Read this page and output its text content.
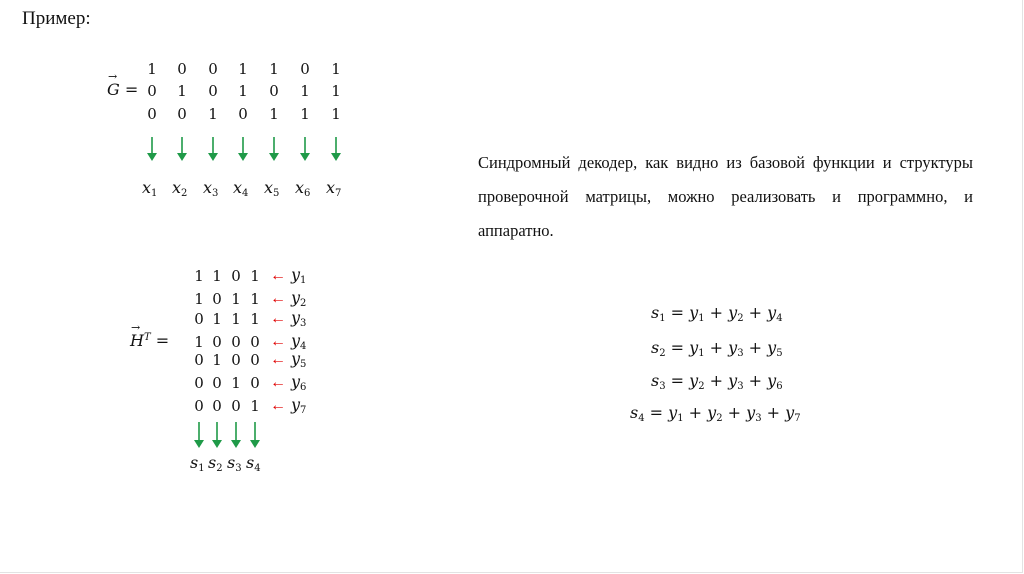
Пример:
→ G =
1 0 0 1 1 0 1
0 1 0 1 0 1 1
0 0 1 0 1 1 1
$x_1$ $x_2$ $x_3$ $x_4$ $x_5$ $x_6$ $x_7$
→ $H^T$ =
1 1 0 1 ← $y_1$
1 0 1 1 ← $y_2$
0 1 1 1 ← $y_3$
1 0 0 0 ← $y_4$
0 1 0 0 ← $y_5$
0 0 1 0 ← $y_6$
0 0 0 1 ← $y_7$
$s_1$ $s_2$ $s_3$ $s_4$
Синдромный декодер, как видно из базовой функции и структуры проверочной матрицы, можно реализовать и программно, и аппаратно.
$s_1 = y_1 + y_2 + y_4$
$s_2 = y_1 + y_3 + y_5$
$s_3 = y_2 + y_3 + y_6$
$s_4 = y_1 + y_2 + y_3 + y_7$
